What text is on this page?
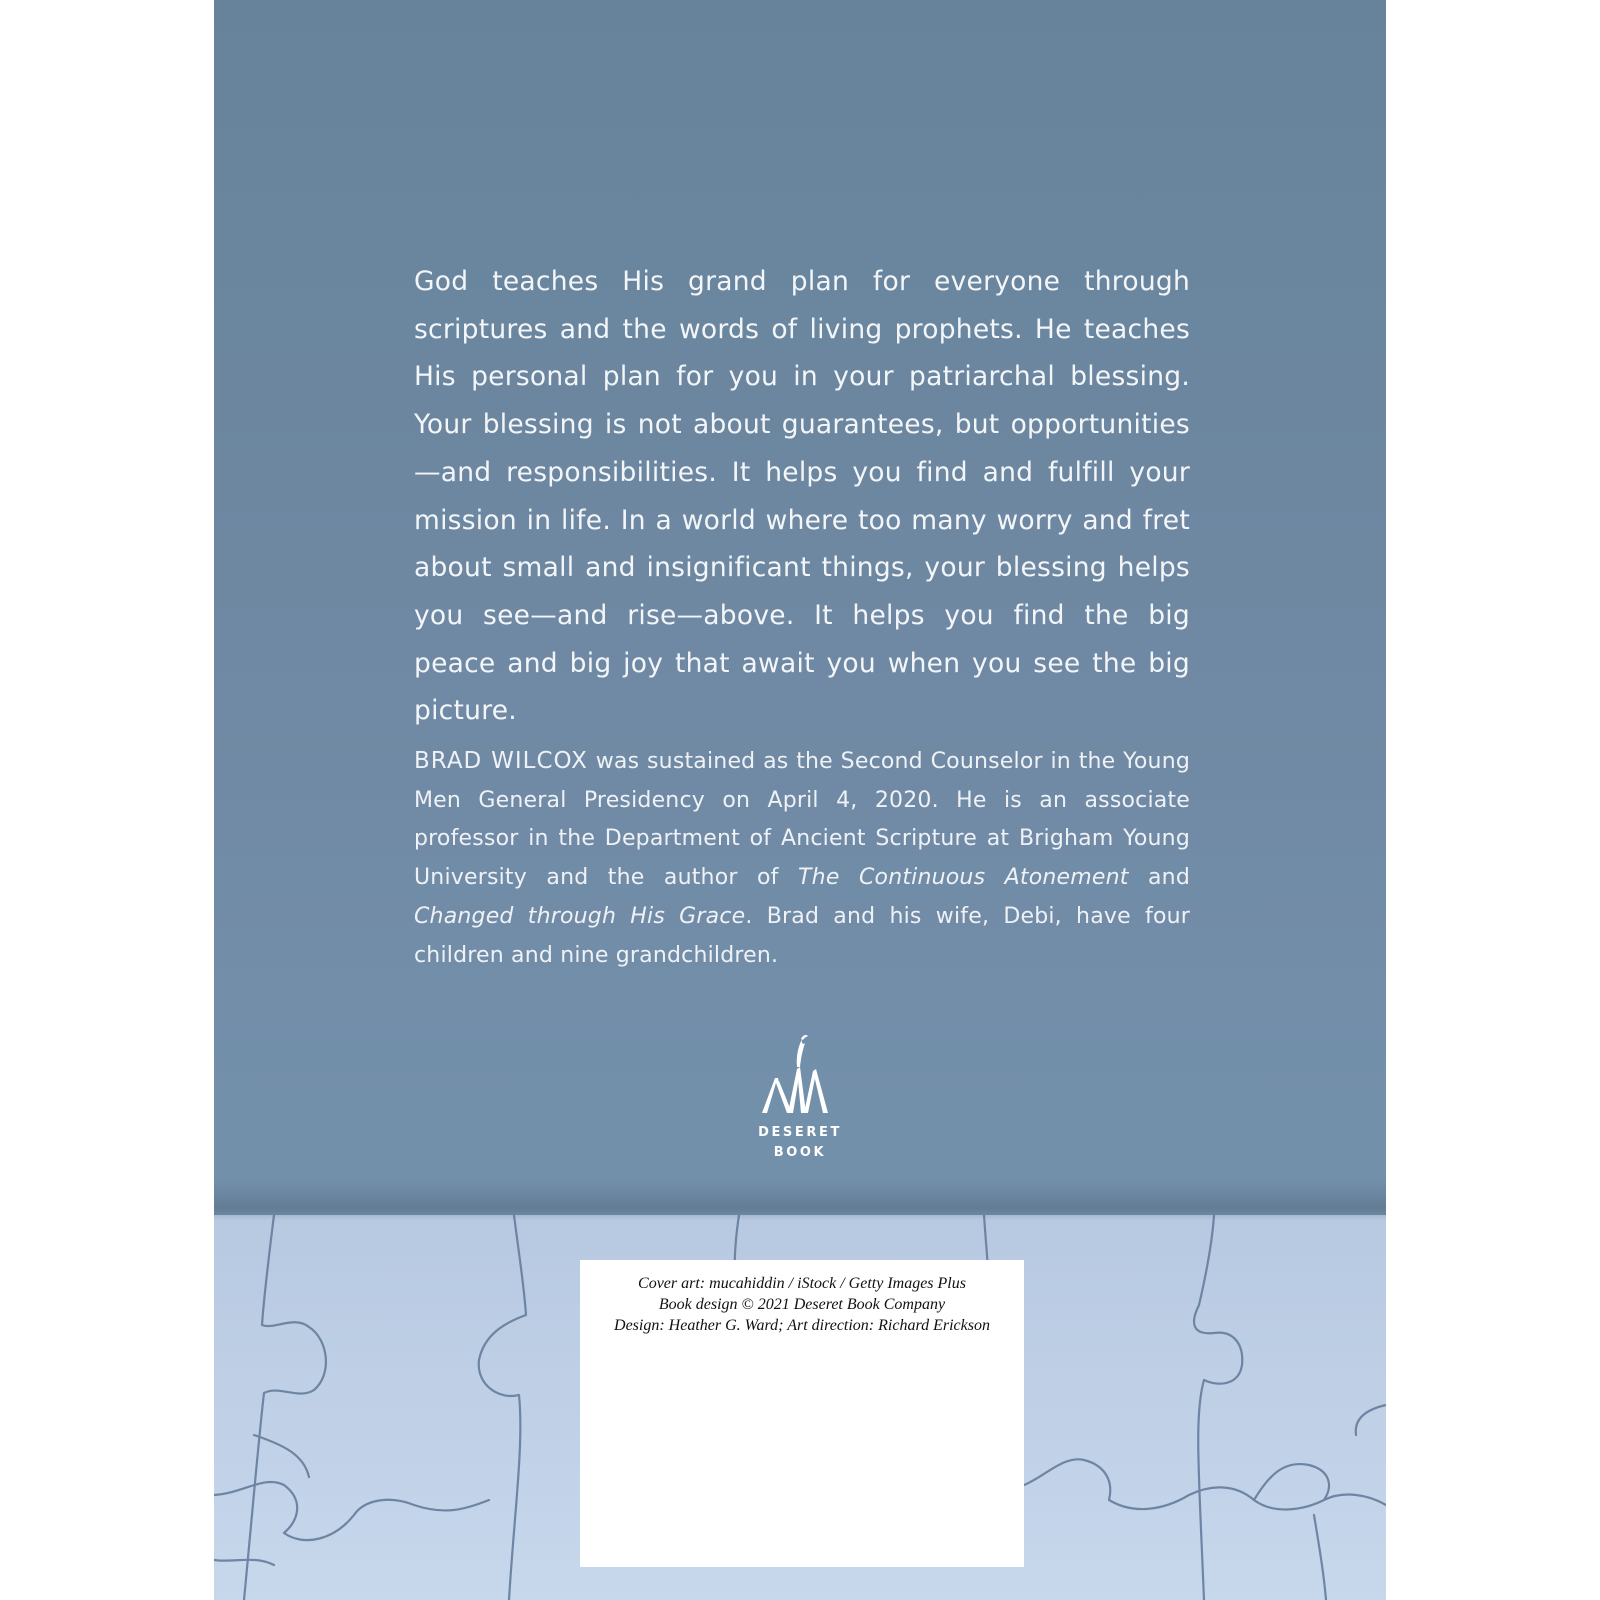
God teaches His grand plan for everyone through scriptures and the words of living prophets. He teaches His personal plan for you in your patriarchal blessing. Your blessing is not about guarantees, but opportunities—and responsibilities. It helps you find and fulfill your mission in life. In a world where too many worry and fret about small and insignificant things, your blessing helps you see—and rise—above. It helps you find the big peace and big joy that await you when you see the big picture.

BRAD WILCOX was sustained as the Second Counselor in the Young Men General Presidency on April 4, 2020. He is an associate professor in the Department of Ancient Scripture at Brigham Young University and the author of The Continuous Atonement and Changed through His Grace. Brad and his wife, Debi, have four children and nine grandchildren.

DESERET
BOOK
Cover art: mucahiddin / iStock / Getty Images Plus
Book design © 2021 Deseret Book Company
Design: Heather G. Ward; Art direction: Richard Erickson
